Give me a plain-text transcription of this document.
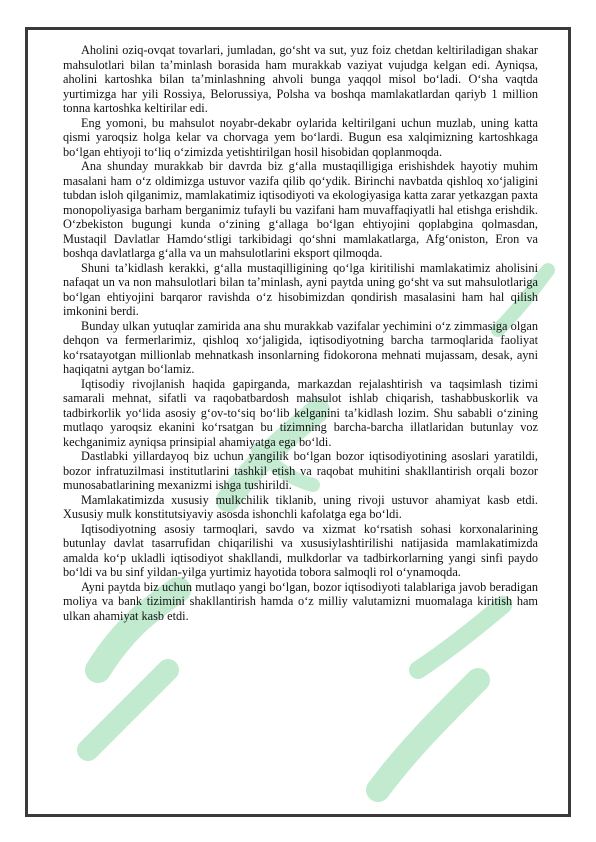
Aholini oziq-ovqat tovarlari, jumladan, go‘sht va sut, yuz foiz chetdan keltiriladigan shakar mahsulotlari bilan ta’minlash borasida ham murakkab vaziyat vujudga kelgan edi. Ayniqsa, aholini kartoshka bilan ta’minlashning ahvoli bunga yaqqol misol bo‘ladi. O‘sha vaqtda yurtimizga har yili Rossiya, Belorussiya, Polsha va boshqa mamlakatlardan qariyb 1 million tonna kartoshka keltirilar edi.

Eng yomoni, bu mahsulot noyabr-dekabr oylarida keltirilgani uchun muzlab, uning katta qismi yaroqsiz holga kelar va chorvaga yem bo‘lardi. Bugun esa xalqimizning kartoshkaga bo‘lgan ehtiyoji to‘liq o‘zimizda yetishtirilgan hosil hisobidan qoplanmoqda.

Ana shunday murakkab bir davrda biz g‘alla mustaqilligiga erishishdek hayotiy muhim masalani ham o‘z oldimizga ustuvor vazifa qilib qo‘ydik. Birinchi navbatda qishloq xo‘jaligini tubdan isloh qilganimiz, mamlakatimiz iqtisodiyoti va ekologiyasiga katta zarar yetkazgan paxta monopoliyasiga barham berganimiz tufayli bu vazifani ham muvaffaqiyatli hal etishga erishdik. O‘zbekiston bugungi kunda o‘zining g‘allaga bo‘lgan ehtiyojini qoplabgina qolmasdan, Mustaqil Davlatlar Hamdo‘stligi tarkibidagi qo‘shni mamlakatlarga, Afg‘oniston, Eron va boshqa davlatlarga g‘alla va un mahsulotlarini eksport qilmoqda.

Shuni ta’kidlash kerakki, g‘alla mustaqilligining qo‘lga kiritilishi mamlakatimiz aholisini nafaqat un va non mahsulotlari bilan ta’minlash, ayni paytda uning go‘sht va sut mahsulotlariga bo‘lgan ehtiyojini barqaror ravishda o‘z hisobimizdan qondirish masalasini ham hal qilish imkonini berdi.

Bunday ulkan yutuqlar zamirida ana shu murakkab vazifalar yechimini o‘z zimmasiga olgan dehqon va fermerlarimiz, qishloq xo‘jaligida, iqtisodiyotning barcha tarmoqlarida faoliyat ko‘rsatayotgan millionlab mehnatkash insonlarning fidokorona mehnati mujassam, desak, ayni haqiqatni aytgan bo‘lamiz.

Iqtisodiy rivojlanish haqida gapirganda, markazdan rejalashtirish va taqsimlash tizimi samarali mehnat, sifatli va raqobatbardosh mahsulot ishlab chiqarish, tashabbuskorlik va tadbirkorlik yo‘lida asosiy g‘ov-to‘siq bo‘lib kelganini ta’kidlash lozim. Shu sababli o‘zining mutlaqo yaroqsiz ekanini ko‘rsatgan bu tizimning barcha-barcha illatlaridan butunlay voz kechganimiz ayniqsa prinsipial ahamiyatga ega bo‘ldi.

Dastlabki yillardayoq biz uchun yangilik bo‘lgan bozor iqtisodiyotining asoslari yaratildi, bozor infratuzilmasi institutlarini tashkil etish va raqobat muhitini shakllantirish orqali bozor munosabatlarining mexanizmi ishga tushirildi.

Mamlakatimizda xususiy mulkchilik tiklanib, uning rivoji ustuvor ahamiyat kasb etdi. Xususiy mulk konstitutsiyaviy asosda ishonchli kafolatga ega bo‘ldi.

Iqtisodiyotning asosiy tarmoqlari, savdo va xizmat ko‘rsatish sohasi korxonalarining butunlay davlat tasarrufidan chiqarilishi va xususiylashtirilishi natijasida mamlakatimizda amalda ko‘p ukladli iqtisodiyot shakllandi, mulkdorlar va tadbirkorlarning yangi sinfi paydo bo‘ldi va bu sinf yildan-yilga yurtimiz hayotida tobora salmoqli rol o‘ynamoqda.

Ayni paytda biz uchun mutlaqo yangi bo‘lgan, bozor iqtisodiyoti talablariga javob beradigan moliya va bank tizimini shakllantirish hamda o‘z milliy valutamizni muomalaga kiritish ham ulkan ahamiyat kasb etdi.
